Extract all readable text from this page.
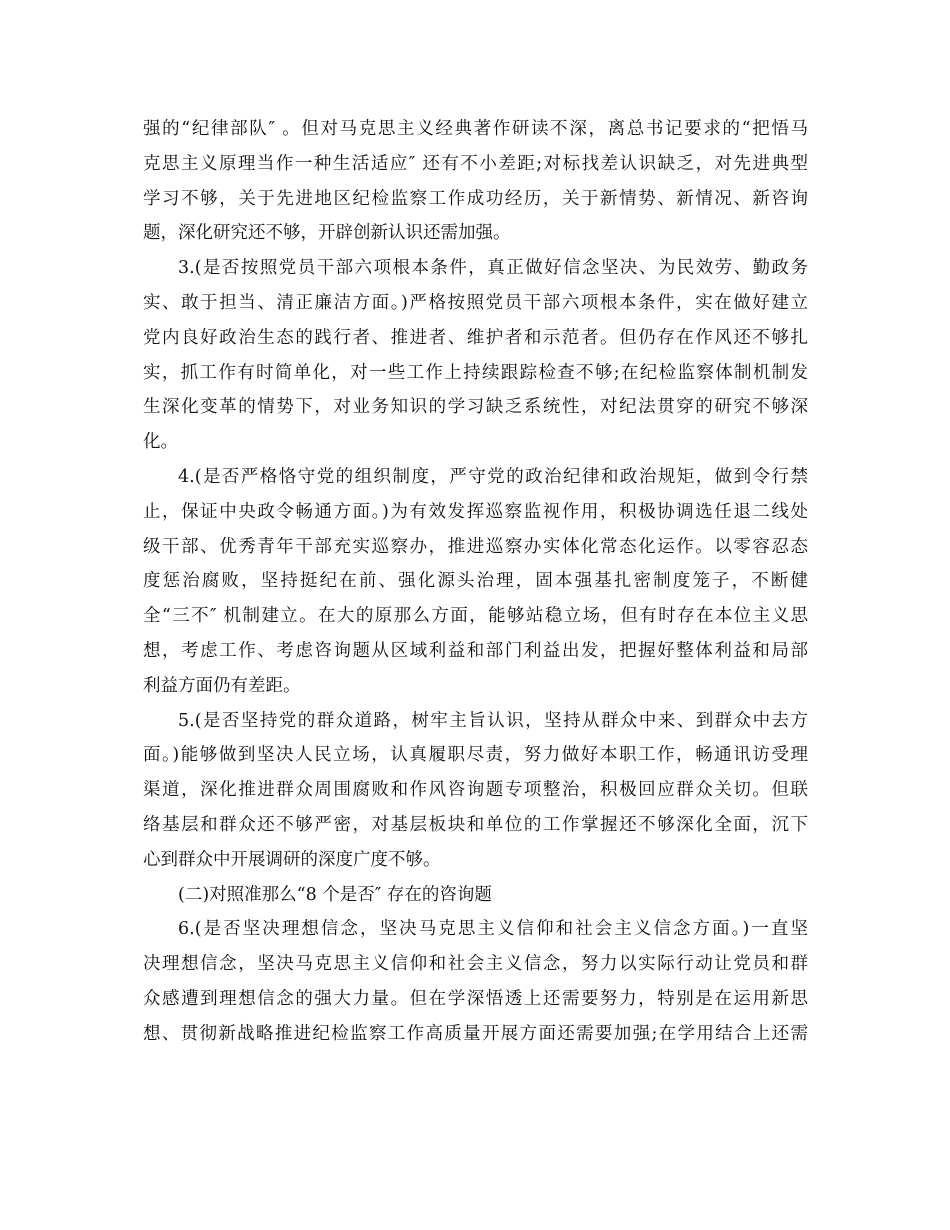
强的“纪律部队″ 。但对马克思主义经典著作研读不深，离总书记要求的“把悟马
克思主义原理当作一种生活适应″ 还有不小差距;对标找差认识缺乏，对先进典型
学习不够，关于先进地区纪检监察工作成功经历，关于新情势、新情况、新咨询
题，深化研究还不够，开辟创新认识还需加强。
3.(是否按照党员干部六项根本条件，真正做好信念坚决、为民效劳、勤政务
实、敢于担当、清正廉洁方面。)严格按照党员干部六项根本条件，实在做好建立
党内良好政治生态的践行者、推进者、维护者和示范者。但仍存在作风还不够扎
实，抓工作有时简单化，对一些工作上持续跟踪检查不够;在纪检监察体制机制发
生深化变革的情势下，对业务知识的学习缺乏系统性，对纪法贯穿的研究不够深
化。
4.(是否严格恪守党的组织制度，严守党的政治纪律和政治规矩，做到令行禁
止，保证中央政令畅通方面。)为有效发挥巡察监视作用，积极协调选任退二线处
级干部、优秀青年干部充实巡察办，推进巡察办实体化常态化运作。以零容忍态
度惩治腐败，坚持挺纪在前、强化源头治理，固本强基扎密制度笼子，不断健
全“三不″ 机制建立。在大的原那么方面，能够站稳立场，但有时存在本位主义思
想，考虑工作、考虑咨询题从区域利益和部门利益出发，把握好整体利益和局部
利益方面仍有差距。
5.(是否坚持党的群众道路，树牢主旨认识，坚持从群众中来、到群众中去方
面。)能够做到坚决人民立场，认真履职尽责，努力做好本职工作，畅通讯访受理
渠道，深化推进群众周围腐败和作风咨询题专项整治，积极回应群众关切。但联
络基层和群众还不够严密，对基层板块和单位的工作掌握还不够深化全面，沉下
心到群众中开展调研的深度广度不够。
(二)对照准那么“8 个是否″ 存在的咨询题
6.(是否坚决理想信念，坚决马克思主义信仰和社会主义信念方面。)一直坚
决理想信念，坚决马克思主义信仰和社会主义信念，努力以实际行动让党员和群
众感遭到理想信念的强大力量。但在学深悟透上还需要努力，特别是在运用新思
想、贯彻新战略推进纪检监察工作高质量开展方面还需要加强;在学用结合上还需
